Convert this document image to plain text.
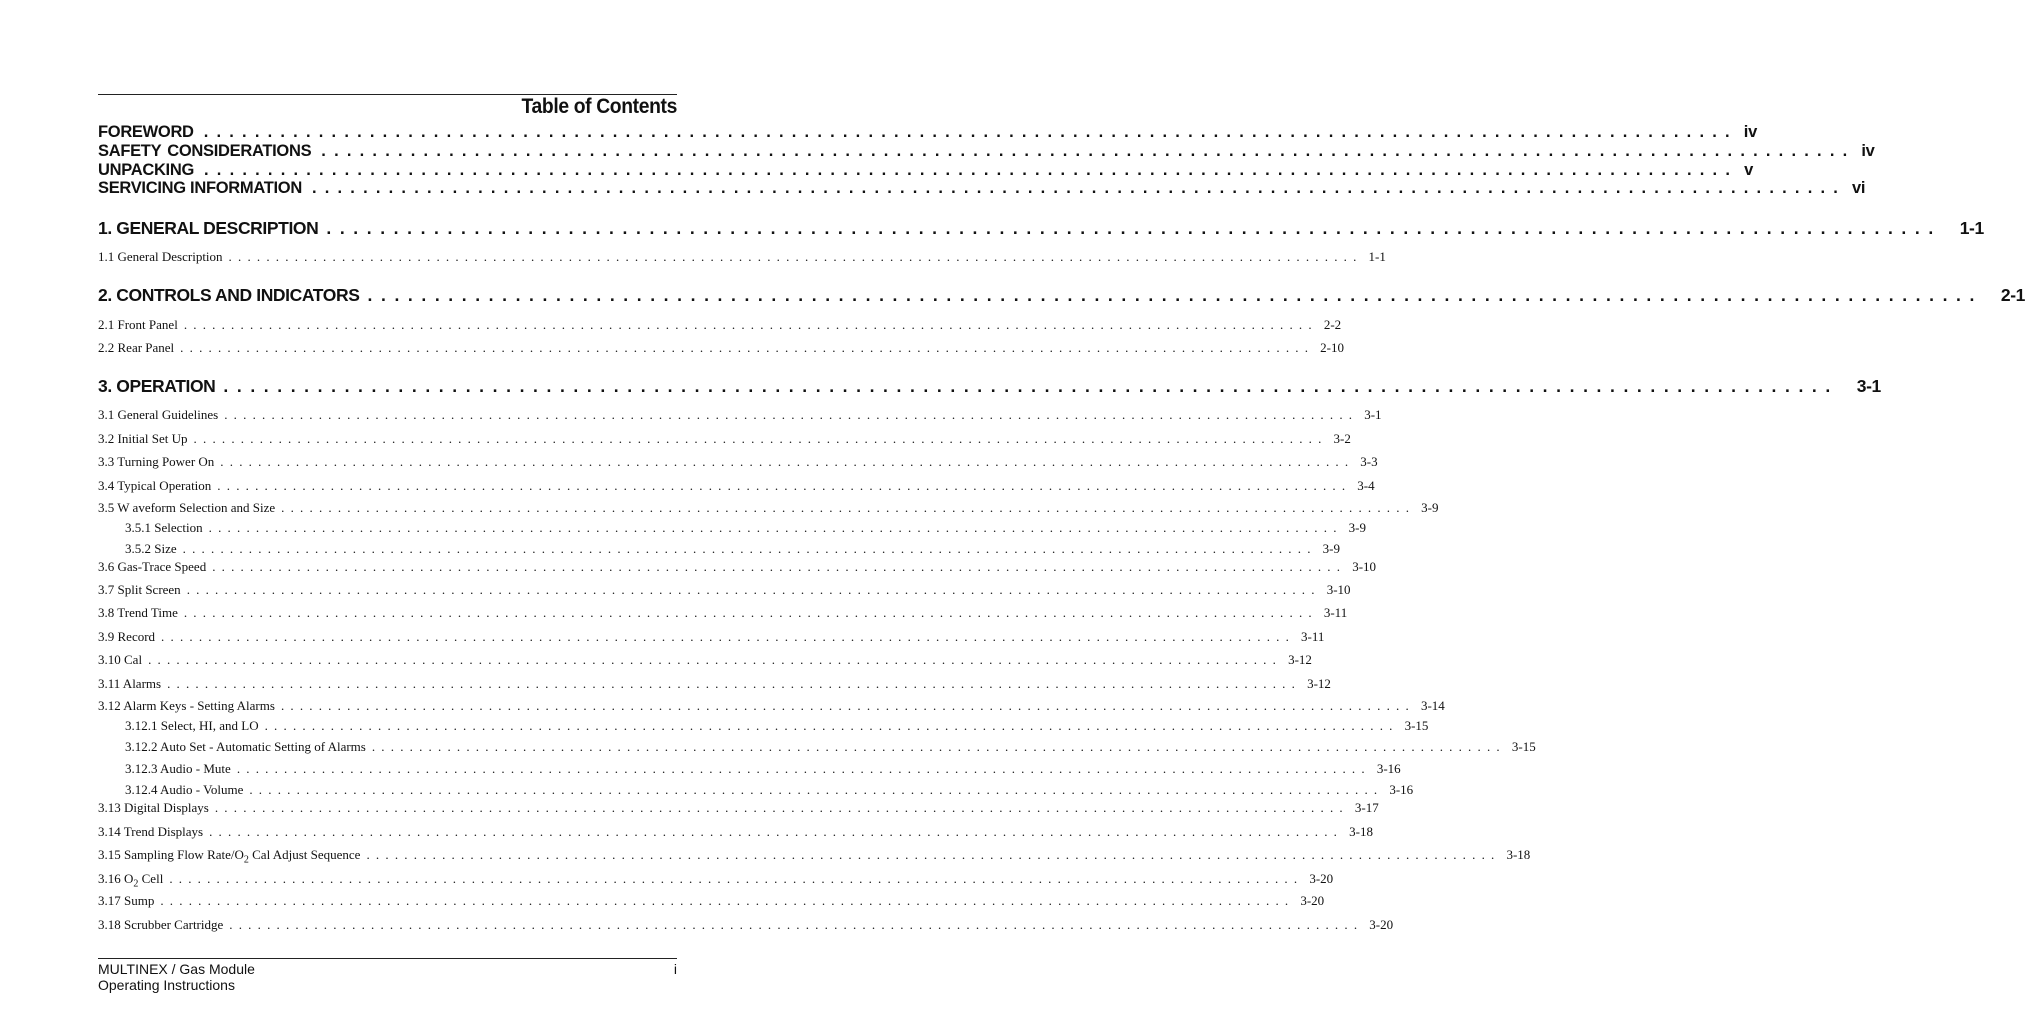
Table of Contents
FOREWORD ........................................................................................................................ iv
SAFETY CONSIDERATIONS ........................................................................................................................ iv
UNPACKING ........................................................................................................................ v
SERVICING INFORMATION ........................................................................................................................ vi
1. GENERAL DESCRIPTION ........................................................................................................................	1-1
1.1 General Description ........................................................................................................................ 1-1
2. CONTROLS AND INDICATORS ........................................................................................................................	2-1
2.1 Front Panel ........................................................................................................................ 2-2
2.2 Rear Panel ........................................................................................................................ 2-10
3. OPERATION ........................................................................................................................	3-1
3.1 General Guidelines ........................................................................................................................ 3-1
3.2 Initial Set Up ........................................................................................................................ 3-2
3.3 Turning Power On ........................................................................................................................ 3-3
3.4 Typical Operation ........................................................................................................................ 3-4
3.5 W aveform Selection and Size ........................................................................................................................ 3-9
3.5.1 Selection ........................................................................................................................ 3-9
3.5.2 Size ........................................................................................................................ 3-9
3.6 Gas-Trace Speed ........................................................................................................................ 3-10
3.7 Split Screen ........................................................................................................................ 3-10
3.8 Trend Time ........................................................................................................................ 3-11
3.9 Record ........................................................................................................................ 3-11
3.10 Cal ........................................................................................................................ 3-12
3.11 Alarms ........................................................................................................................ 3-12
3.12 Alarm Keys - Setting Alarms ........................................................................................................................ 3-14
3.12.1 Select, HI, and LO ........................................................................................................................ 3-15
3.12.2 Auto Set - Automatic Setting of Alarms ........................................................................................................................ 3-15
3.12.3 Audio - Mute ........................................................................................................................ 3-16
3.12.4 Audio - Volume ........................................................................................................................ 3-16
3.13 Digital Displays ........................................................................................................................ 3-17
3.14 Trend Displays ........................................................................................................................ 3-18
3.15 Sampling Flow Rate/$O_2$ Cal Adjust Sequence ........................................................................................................................ 3-18
3.16 $O_2$ Cell ........................................................................................................................ 3-20
3.17 Sump ........................................................................................................................ 3-20
3.18 Scrubber Cartridge ........................................................................................................................ 3-20
MULTINEX / Gas Module
Operating Instructions
i
